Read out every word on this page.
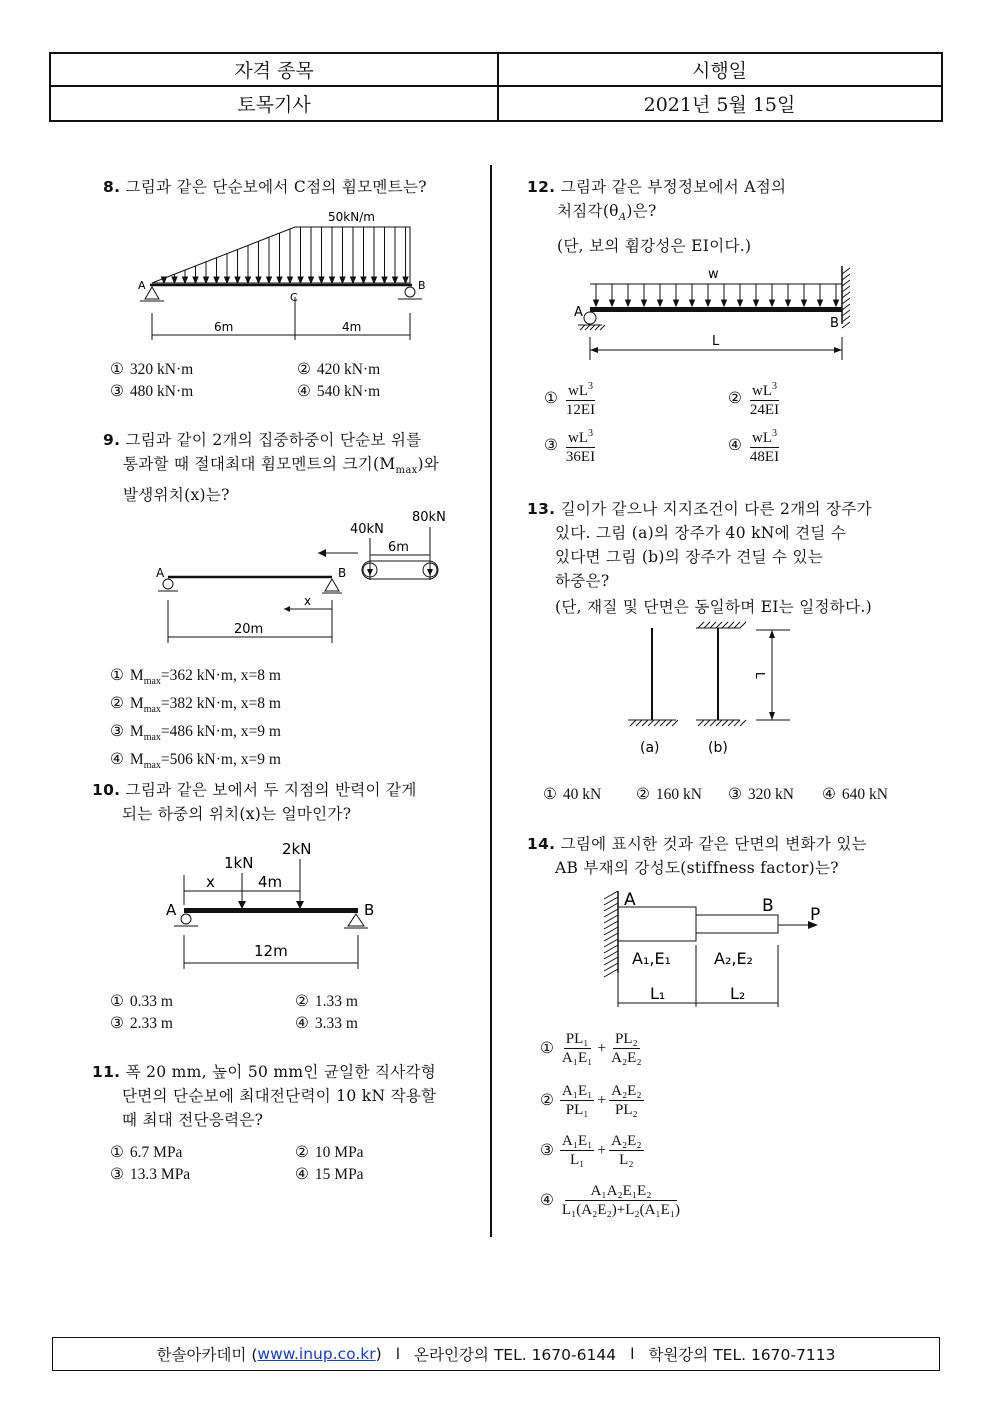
자격 종목	시행일
토목기사	2021년 5월 15일
8. 그림과 같은 단순보에서 C점의 휨모멘트는?
50kN/m
A	B
C
6m	4m
① 320 kN·m	② 420 kN·m
③ 480 kN·m	④ 540 kN·m
9. 그림과 같이 2개의 집중하중이 단순보 위를
통과할 때 절대최대 휨모멘트의 크기$(M_{max})$와
발생위치(x)는?
40kN
80kN
6m
A	B
x
20m
① $M_{max}=362$ kN·m, x=8 m
② $M_{max}=382$ kN·m, x=8 m
③ $M_{max}=486$ kN·m, x=9 m
④ $M_{max}=506$ kN·m, x=9 m
10. 그림과 같은 보에서 두 지점의 반력이 같게
되는 하중의 위치(x)는 얼마인가?
1kN
2kN
x	4m
A	B
12m
① 0.33 m	② 1.33 m
③ 2.33 m	④ 3.33 m
11. 폭 20 mm, 높이 50 mm인 균일한 직사각형
단면의 단순보에 최대전단력이 10 kN 작용할
때 최대 전단응력은?
① 6.7 MPa	② 10 MPa
③ 13.3 MPa	④ 15 MPa
12. 그림과 같은 부정정보에서 A점의
처짐각$(\theta_A)$은?
(단, 보의 휨강성은 EI이다.)
w
A
B
L
① $\frac{wL^3}{12EI}$	② $\frac{wL^3}{24EI}$
③ $\frac{wL^3}{36EI}$	④ $\frac{wL^3}{48EI}$
13. 길이가 같으나 지지조건이 다른 2개의 장주가
있다. 그림 (a)의 장주가 40 kN에 견딜 수
있다면 그림 (b)의 장주가 견딜 수 있는
하중은?
(단, 재질 및 단면은 동일하며 EI는 일정하다.)
L
(a)	(b)
① 40 kN ② 160 kN ③ 320 kN ④ 640 kN
14. 그림에 표시한 것과 같은 단면의 변화가 있는
AB 부재의 강성도(stiffness factor)는?
A	B P
A₁,E₁	A₂,E₂
L₁	L₂
① $\frac{\text{PL₁}}{\text{A₁E₁}} + \frac{\text{PL₂}}{\text{A₂E₂}}$
② $\frac{\text{A₁E₁}}{\text{PL₁}} + \frac{\text{A₂E₂}}{\text{PL₂}}$
③ $\frac{\text{A₁E₁}}{\text{L₁}} + \frac{\text{A₂E₂}}{\text{L₂}}$
④ $\frac{\text{A₁A₂E₁E₂}}{\text{L₁(A₂E₂)+L₂(A₁E₁)}}$
한솔아카데미 ( www.inup.co.kr ) l 온라인강의 TEL. 1670-6144 l 학원강의 TEL. 1670-7113
